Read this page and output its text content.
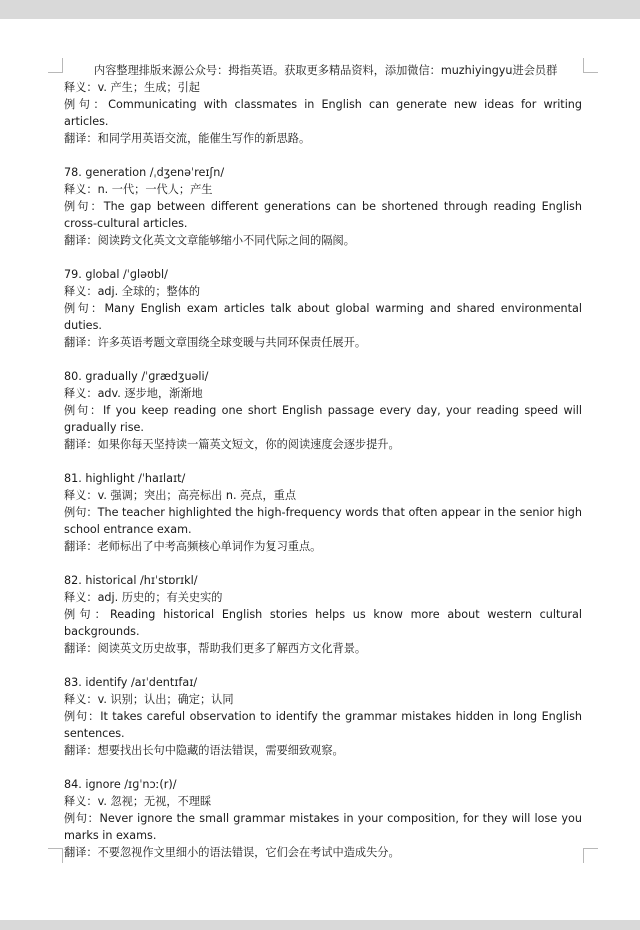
内容整理排版来源公众号：拇指英语。获取更多精品资料，添加微信：muzhiyingyu进会员群

释义：v. 产生；生成；引起

例句：Communicating with classmates in English can generate new ideas for writing articles.

翻译：和同学用英语交流，能催生写作的新思路。

78. generation /ˌdʒenəˈreɪʃn/

释义：n. 一代；一代人；产生

例句：The gap between different generations can be shortened through reading English cross-cultural articles.

翻译：阅读跨文化英文文章能够缩小不同代际之间的隔阂。

79. global /ˈɡləʊbl/

释义：adj. 全球的；整体的

例句：Many English exam articles talk about global warming and shared environmental duties.

翻译：许多英语考题文章围绕全球变暖与共同环保责任展开。

80. gradually /ˈɡrædʒuəli/

释义：adv. 逐步地，渐渐地

例句：If you keep reading one short English passage every day, your reading speed will gradually rise.

翻译：如果你每天坚持读一篇英文短文，你的阅读速度会逐步提升。

81. highlight /ˈhaɪlaɪt/

释义：v. 强调；突出；高亮标出 n. 亮点，重点

例句：The teacher highlighted the high-frequency words that often appear in the senior high school entrance exam.

翻译：老师标出了中考高频核心单词作为复习重点。

82. historical /hɪˈstɒrɪkl/

释义：adj. 历史的；有关史实的

例句：Reading historical English stories helps us know more about western cultural backgrounds.

翻译：阅读英文历史故事，帮助我们更多了解西方文化背景。

83. identify /aɪˈdentɪfaɪ/

释义：v. 识别；认出；确定；认同

例句：It takes careful observation to identify the grammar mistakes hidden in long English sentences.

翻译：想要找出长句中隐藏的语法错误，需要细致观察。

84. ignore /ɪɡˈnɔː(r)/

释义：v. 忽视；无视，不理睬

例句：Never ignore the small grammar mistakes in your composition, for they will lose you marks in exams.

翻译：不要忽视作文里细小的语法错误，它们会在考试中造成失分。
